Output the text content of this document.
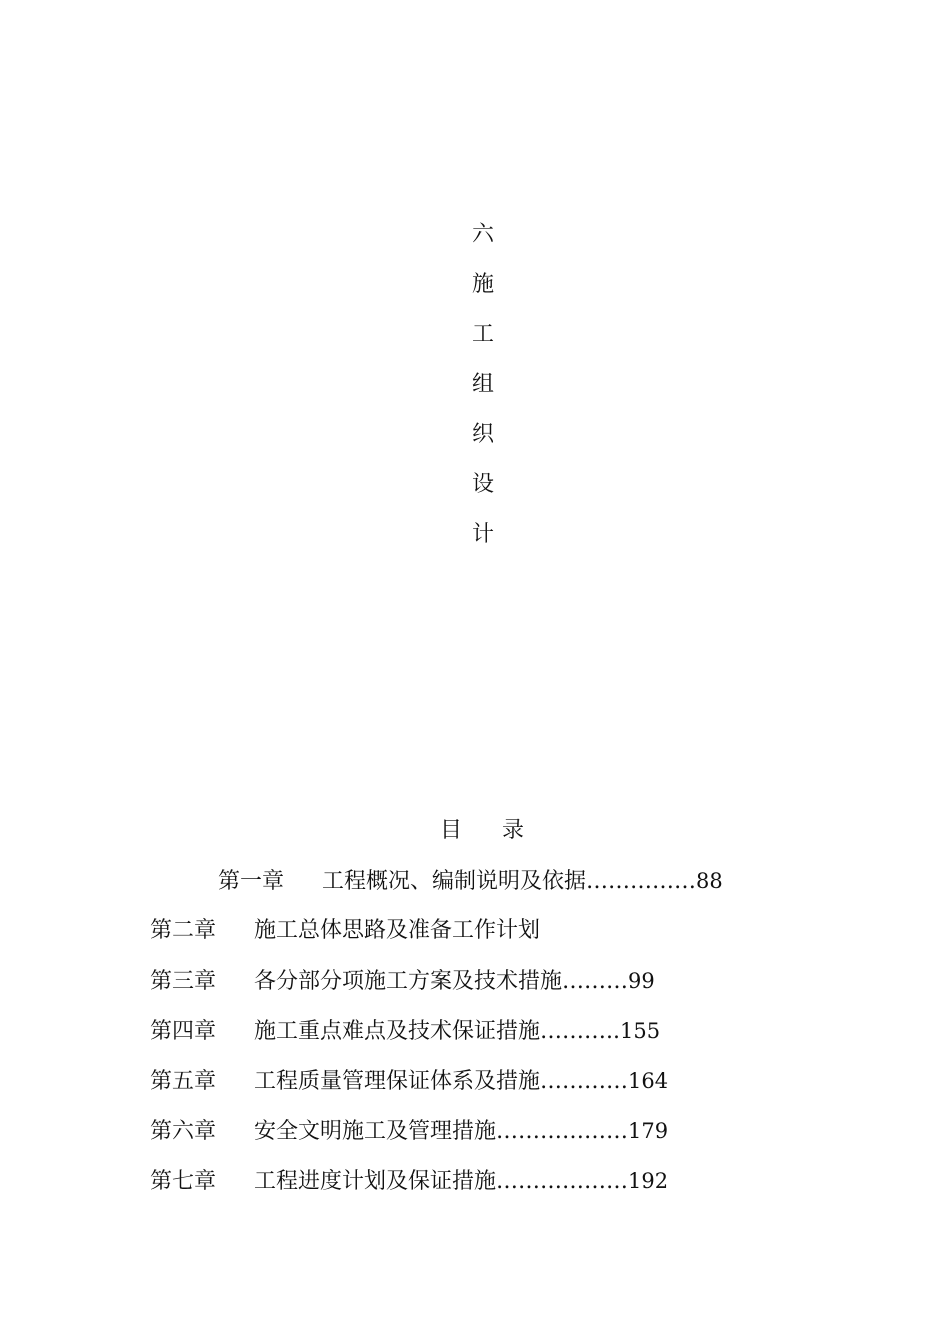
六
施
工
组
织
设
计
目 录
第一章 工程概况、编制说明及依据……………88
第二章 施工总体思路及准备工作计划
第三章 各分部分项施工方案及技术措施………99
第四章 施工重点难点及技术保证措施………..155
第五章 工程质量管理保证体系及措施…………164
第六章 安全文明施工及管理措施………………179
第七章 工程进度计划及保证措施………………192
